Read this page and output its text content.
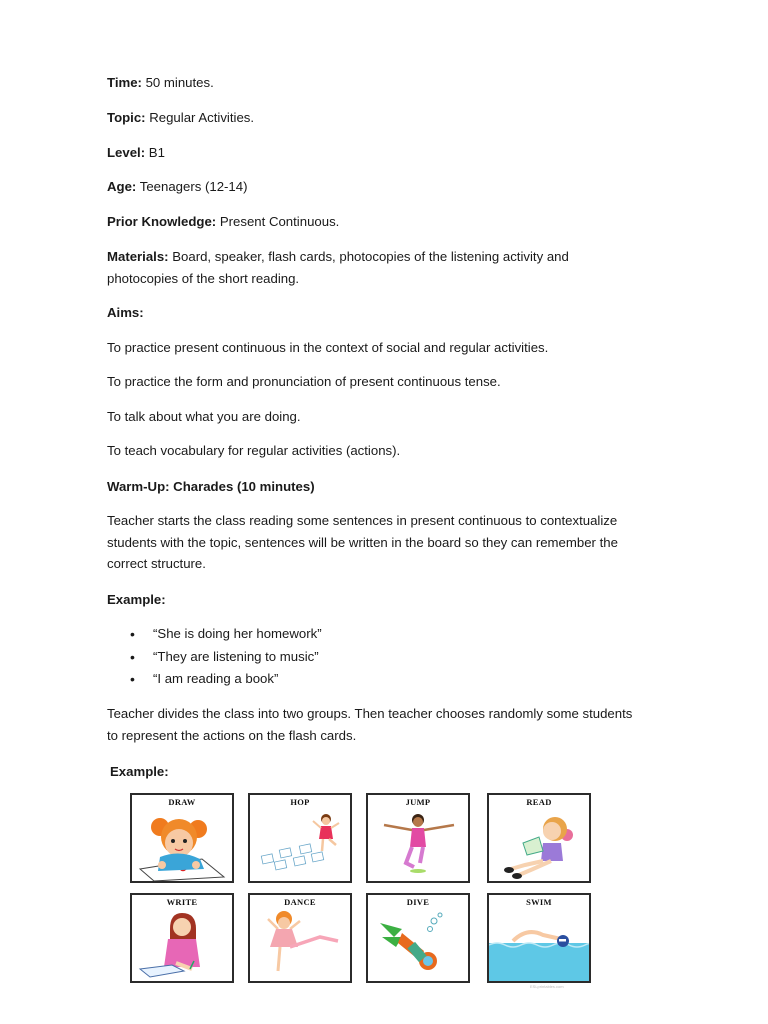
Time: 50 minutes.
Topic: Regular Activities.
Level: B1
Age: Teenagers (12-14)
Prior Knowledge: Present Continuous.
Materials: Board, speaker, flash cards, photocopies of the listening activity and
photocopies of the short reading.
Aims:
To practice present continuous in the context of social and regular activities.
To practice the form and pronunciation of present continuous tense.
To talk about what you are doing.
To teach vocabulary for regular activities (actions).
Warm-Up: Charades (10 minutes)
Teacher starts the class reading some sentences in present continuous to contextualize
students with the topic, sentences will be written in the board so they can remember the
correct structure.
Example:
• “She is doing her homework”
• “They are listening to music”
• “I am reading a book”
Teacher divides the class into two groups. Then teacher chooses randomly some students
to represent the actions on the flash cards.
Example:
DRAW	HOP	JUMP	READ
WRITE	DANCE	DIVE	SWIM
ESLprintables.com
